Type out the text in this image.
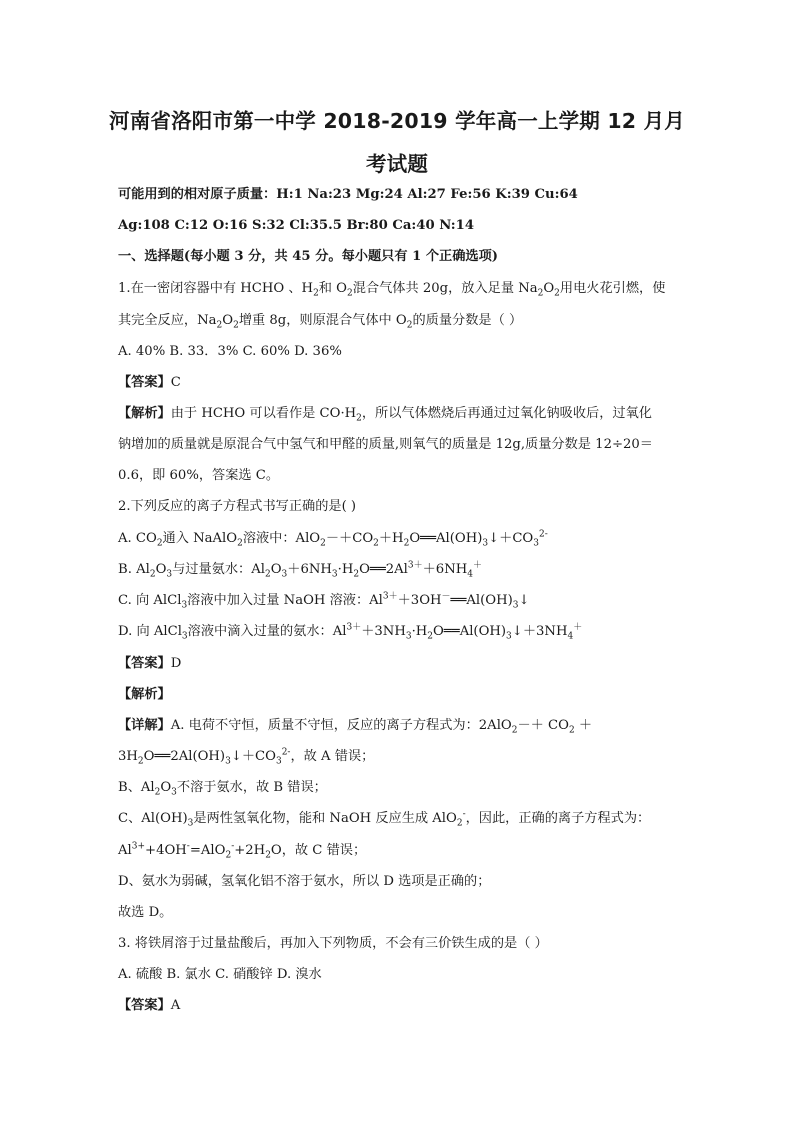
河南省洛阳市第一中学 2018-2019 学年高一上学期 12 月月
考试题
可能用到的相对原子质量：H:1 Na:23 Mg:24 Al:27 Fe:56 K:39 Cu:64
Ag:108 C:12 O:16 S:32 Cl:35.5 Br:80 Ca:40 N:14
一、选择题(每小题 3 分，共 45 分。每小题只有 1 个正确选项)
1.在一密闭容器中有 HCHO 、$H_2$和 $O_2$混合气体共 20g，放入足量 $Na_2O_2$用电火花引燃，使
其完全反应，$Na_2O_2$增重 8g，则原混合气体中 $O_2$的质量分数是（ ）
A. 40% B. 33．3% C. 60% D. 36%
【答案】C
【解析】由于 HCHO 可以看作是 $CO\cdot H_2$，所以气体燃烧后再通过过氧化钠吸收后，过氧化
钠增加的质量就是原混合气中氢气和甲醛的质量,则氧气的质量是 12g,质量分数是 12÷20＝
0.6，即 60%，答案选 C。
2.下列反应的离子方程式书写正确的是( )
A. $CO_2$通入 NaAlO$_2$溶液中：$AlO_2-+CO_2+H_2O══Al(OH)_3↓+CO_3^{2-}$
B. $Al_2O_3$与过量氨水：$Al_2O_3+6NH_3\cdot H_2O══2Al^{3+}+6NH_4^+$
C. 向 AlCl$_3$溶液中加入过量 NaOH 溶液：$Al^{3+}+3OH^-══Al(OH)_3↓$
D. 向 AlCl$_3$溶液中滴入过量的氨水：$Al^{3+}+3NH_3\cdot H_2O══Al(OH)_3↓+3NH_4^+$
【答案】D
【解析】
【详解】A. 电荷不守恒，质量不守恒，反应的离子方程式为：$2AlO_2-+ CO_2$ ＋
$3H_2O══2Al(OH)_3↓+CO_3^{2-}$，故 A 错误；
B、$Al_2O_3$不溶于氨水，故 B 错误；
C、$Al(OH)_3$是两性氢氧化物，能和 NaOH 反应生成 AlO$_2$-，因此，正确的离子方程式为：
$Al^{3+}+4OH^-=AlO_2^-+2H_2O$，故 C 错误；
D、氨水为弱碱，氢氧化铝不溶于氨水，所以 D 选项是正确的；
故选 D。
3. 将铁屑溶于过量盐酸后，再加入下列物质，不会有三价铁生成的是（ ）
A. 硫酸 B. 氯水 C. 硝酸锌 D. 溴水
【答案】A
